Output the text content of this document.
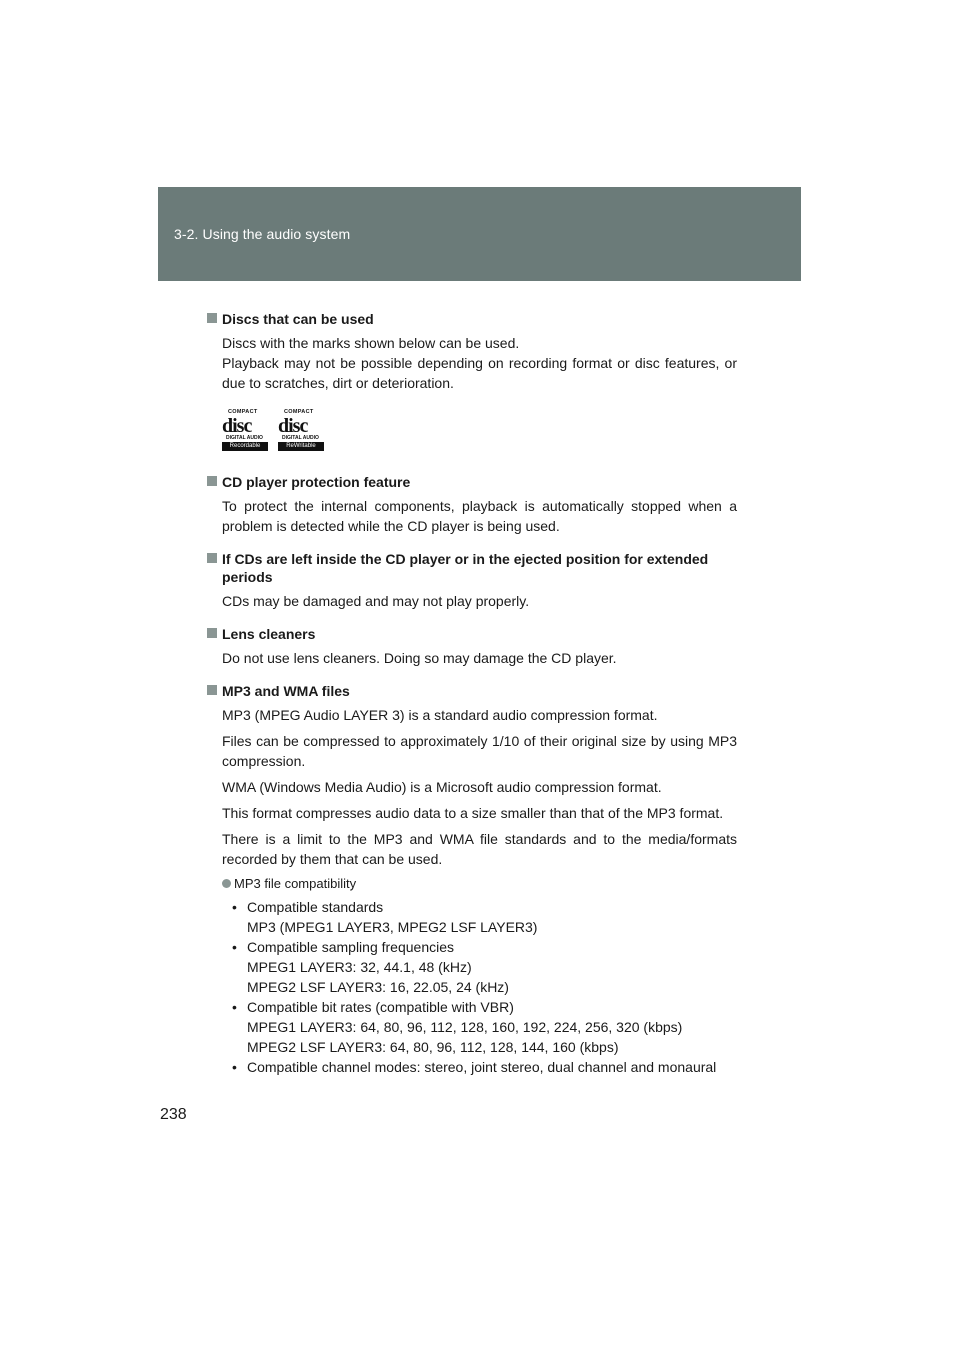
3-2. Using the audio system
Discs that can be used

Discs with the marks shown below can be used.

Playback may not be possible depending on recording format or disc features, or due to scratches, dirt or deterioration.

COMPACT
disc
DIGITAL AUDIO
Recordable
COMPACT
disc
DIGITAL AUDIO
ReWritable
CD player protection feature

To protect the internal components, playback is automatically stopped when a problem is detected while the CD player is being used.

If CDs are left inside the CD player or in the ejected position for extended periods

CDs may be damaged and may not play properly.

Lens cleaners

Do not use lens cleaners. Doing so may damage the CD player.

MP3 and WMA files

MP3 (MPEG Audio LAYER 3) is a standard audio compression format.

Files can be compressed to approximately 1/10 of their original size by using MP3 compression.

WMA (Windows Media Audio) is a Microsoft audio compression format.

This format compresses audio data to a size smaller than that of the MP3 format.

There is a limit to the MP3 and WMA file standards and to the media/formats recorded by them that can be used.

MP3 file compatibility
• Compatible standards
MP3 (MPEG1 LAYER3, MPEG2 LSF LAYER3)
• Compatible sampling frequencies
MPEG1 LAYER3: 32, 44.1, 48 (kHz)
MPEG2 LSF LAYER3: 16, 22.05, 24 (kHz)
• Compatible bit rates (compatible with VBR)
MPEG1 LAYER3: 64, 80, 96, 112, 128, 160, 192, 224, 256, 320 (kbps)
MPEG2 LSF LAYER3: 64, 80, 96, 112, 128, 144, 160 (kbps)
• Compatible channel modes: stereo, joint stereo, dual channel and monaural
238
